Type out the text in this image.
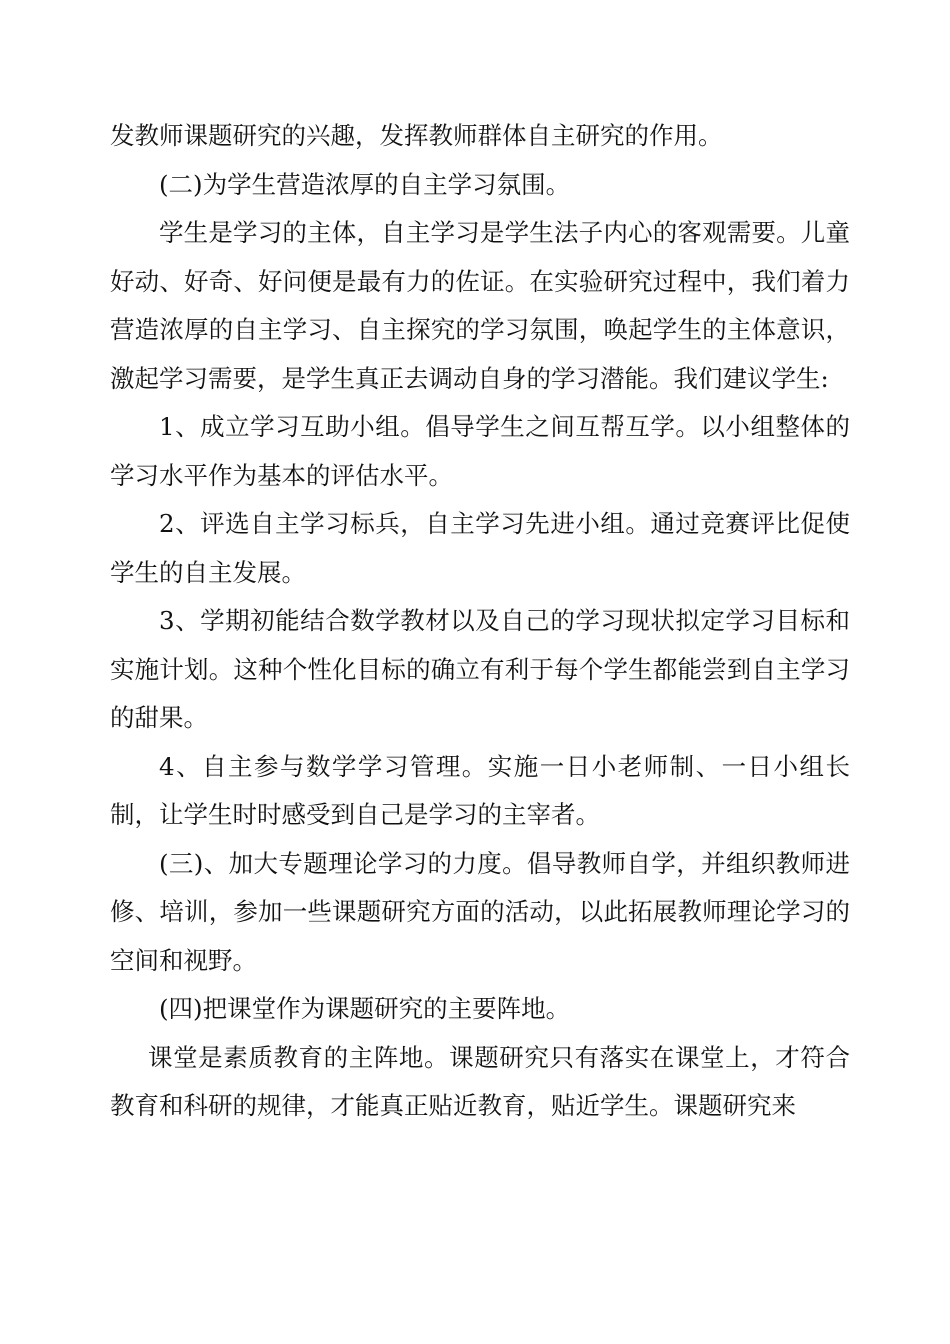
发教师课题研究的兴趣，发挥教师群体自主研究的作用。

(二)为学生营造浓厚的自主学习氛围。

学生是学习的主体，自主学习是学生法子内心的客观需要。儿童好动、好奇、好问便是最有力的佐证。在实验研究过程中，我们着力营造浓厚的自主学习、自主探究的学习氛围，唤起学生的主体意识，激起学习需要，是学生真正去调动自身的学习潜能。我们建议学生:

1、成立学习互助小组。倡导学生之间互帮互学。以小组整体的学习水平作为基本的评估水平。

2、评选自主学习标兵，自主学习先进小组。通过竞赛评比促使学生的自主发展。

3、学期初能结合数学教材以及自己的学习现状拟定学习目标和实施计划。这种个性化目标的确立有利于每个学生都能尝到自主学习的甜果。

4、自主参与数学学习管理。实施一日小老师制、一日小组长制，让学生时时感受到自己是学习的主宰者。

(三)、加大专题理论学习的力度。倡导教师自学，并组织教师进修、培训，参加一些课题研究方面的活动，以此拓展教师理论学习的空间和视野。

(四)把课堂作为课题研究的主要阵地。

课堂是素质教育的主阵地。课题研究只有落实在课堂上，才符合教育和科研的规律，才能真正贴近教育，贴近学生。课题研究来
